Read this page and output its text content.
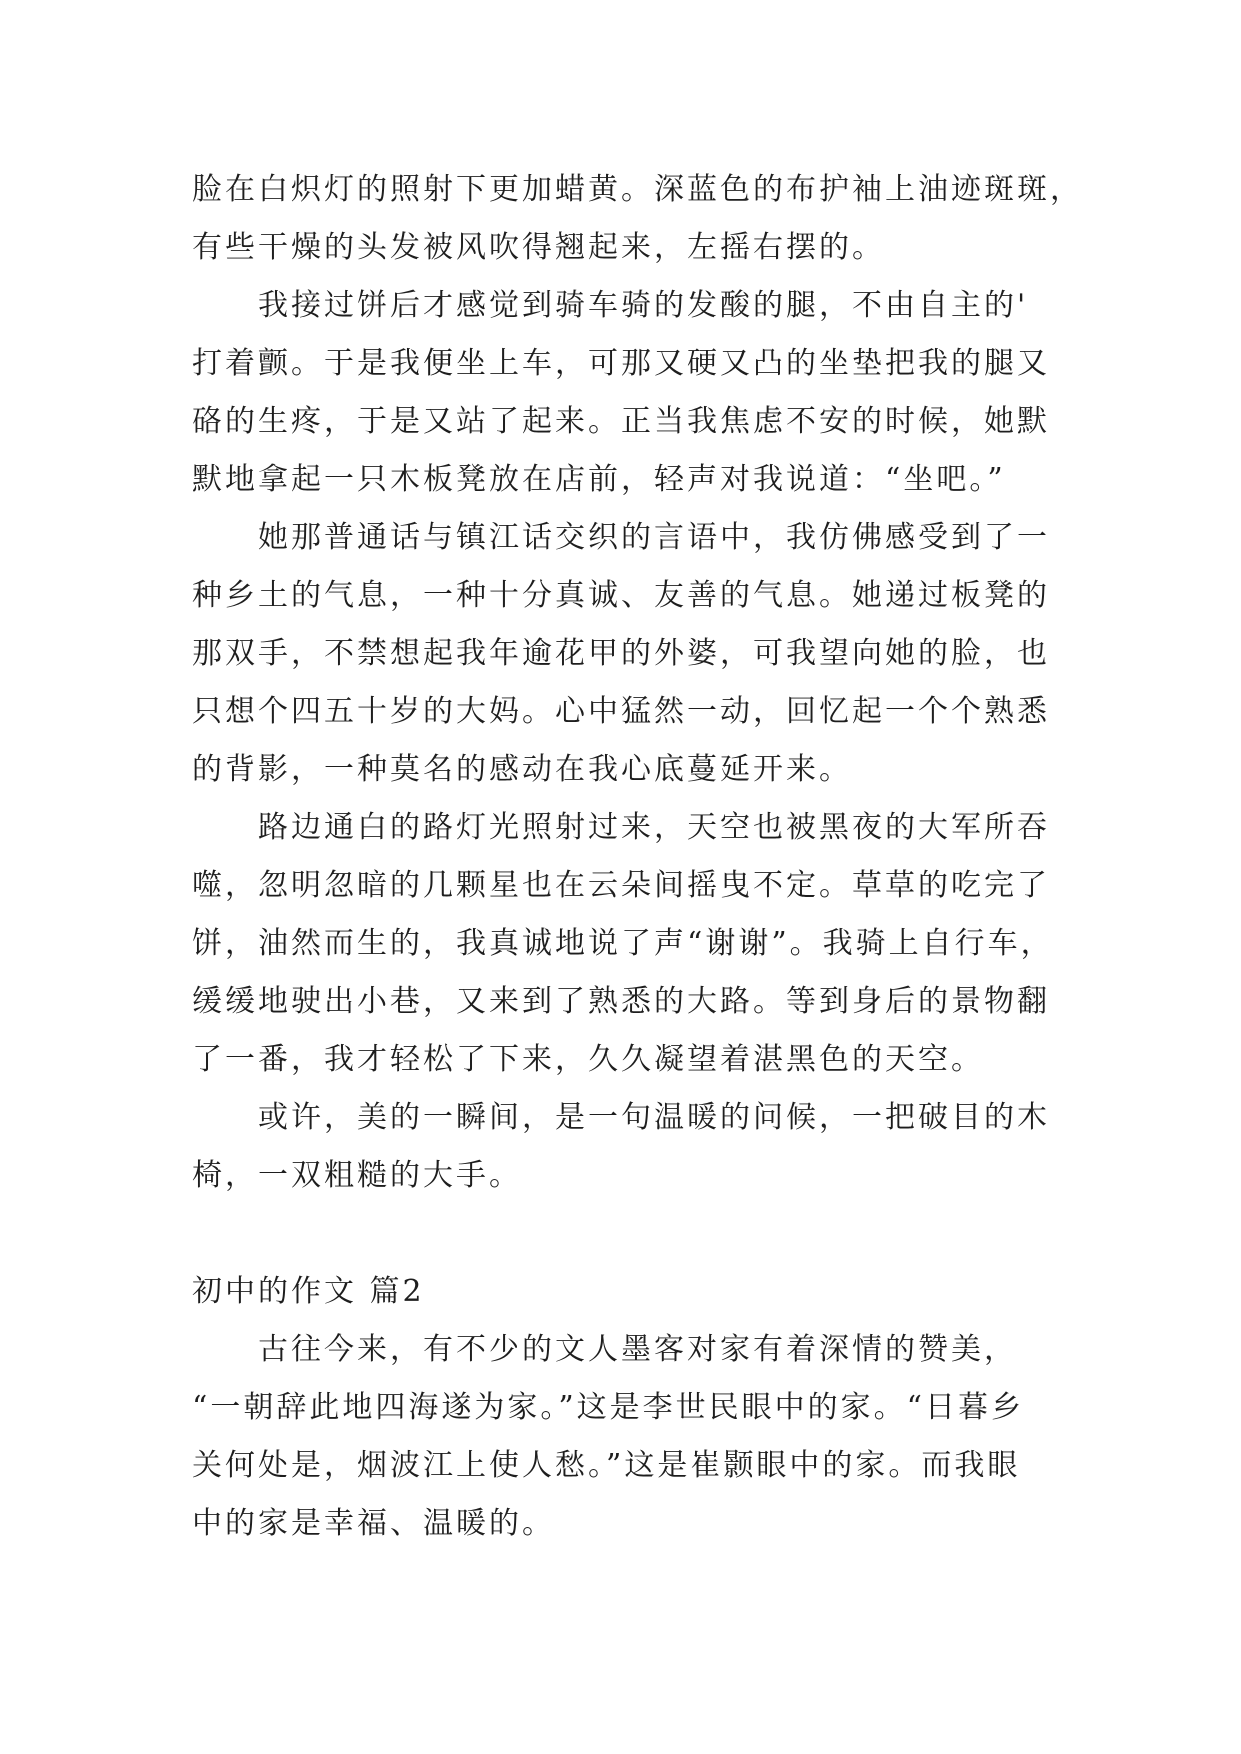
脸在白炽灯的照射下更加蜡黄。深蓝色的布护袖上油迹斑斑，
有些干燥的头发被风吹得翘起来，左摇右摆的。

我接过饼后才感觉到骑车骑的发酸的腿，不由自主的'
打着颤。于是我便坐上车，可那又硬又凸的坐垫把我的腿又
硌的生疼，于是又站了起来。正当我焦虑不安的时候，她默
默地拿起一只木板凳放在店前，轻声对我说道：“坐吧。”

她那普通话与镇江话交织的言语中，我仿佛感受到了一
种乡土的气息，一种十分真诚、友善的气息。她递过板凳的
那双手，不禁想起我年逾花甲的外婆，可我望向她的脸，也
只想个四五十岁的大妈。心中猛然一动，回忆起一个个熟悉
的背影，一种莫名的感动在我心底蔓延开来。

路边通白的路灯光照射过来，天空也被黑夜的大军所吞
噬，忽明忽暗的几颗星也在云朵间摇曳不定。草草的吃完了
饼，油然而生的，我真诚地说了声“谢谢”。我骑上自行车，
缓缓地驶出小巷，又来到了熟悉的大路。等到身后的景物翻
了一番，我才轻松了下来，久久凝望着湛黑色的天空。

或许，美的一瞬间，是一句温暖的问候，一把破目的木
椅，一双粗糙的大手。

初中的作文 篇2

古往今来，有不少的文人墨客对家有着深情的赞美，
“一朝辞此地四海遂为家。”这是李世民眼中的家。“日暮乡
关何处是，烟波江上使人愁。”这是崔颢眼中的家。而我眼
中的家是幸福、温暖的。
